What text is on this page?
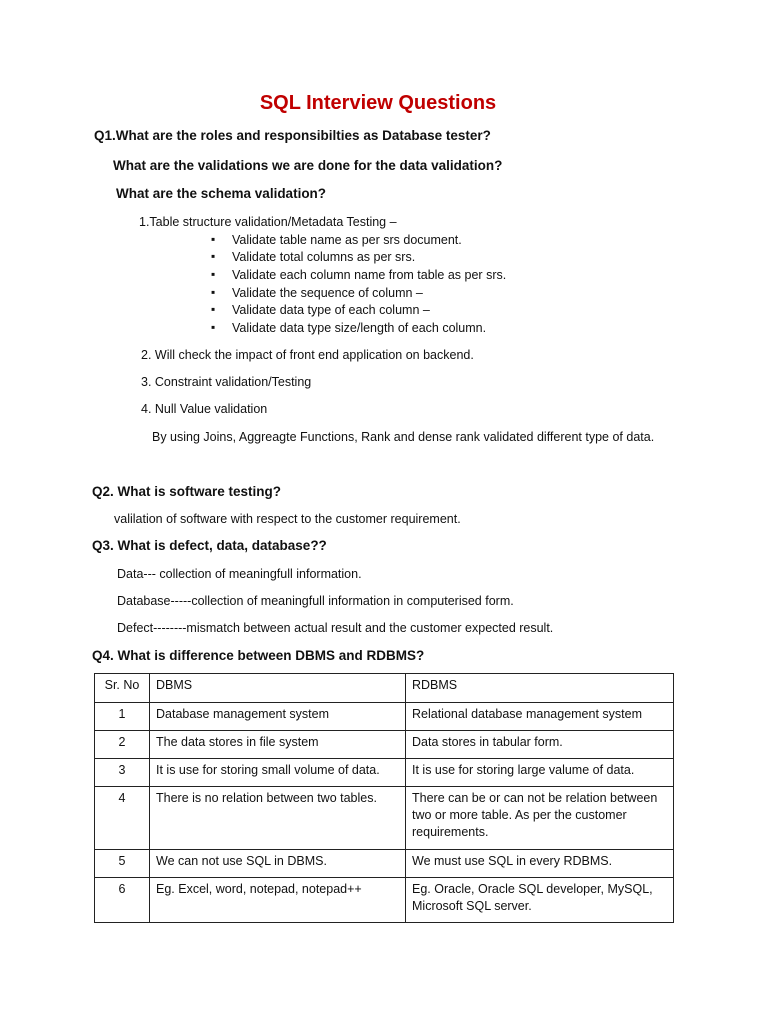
SQL Interview Questions
Q1.What are the roles and responsibilties as Database tester?
What are the validations we are done for the data validation?
What are the schema validation?
1.Table structure validation/Metadata Testing –
▪ Validate table name as per srs document.
▪ Validate total columns as per srs.
▪ Validate each column name from table as per srs.
▪ Validate the sequence of column –
▪ Validate data type of each column –
▪ Validate data type size/length of each column.
2. Will check the impact of front end application on backend.
3. Constraint validation/Testing
4. Null Value validation
By using Joins, Aggreagte Functions, Rank and dense rank validated different type of data.
Q2. What is software testing?
valilation of software with respect to the customer requirement.
Q3. What is defect, data, database??
Data--- collection of meaningfull information.
Database-----collection of meaningfull information in computerised form.
Defect--------mismatch between actual result and the customer expected result.
Q4. What is difference between DBMS and RDBMS?
Sr. No	DBMS	RDBMS
1	Database management system	Relational database management system
2	The data stores in file system	Data stores in tabular form.
3	It is use for storing small volume of data.	It is use for storing large valume of data.
4	There is no relation between two tables.	There can be or can not be relation between two or more table. As per the customer requirements.
5	We can not use SQL in DBMS.	We must use SQL in every RDBMS.
6	Eg. Excel, word, notepad, notepad++	Eg. Oracle, Oracle SQL developer, MySQL, Microsoft SQL server.
